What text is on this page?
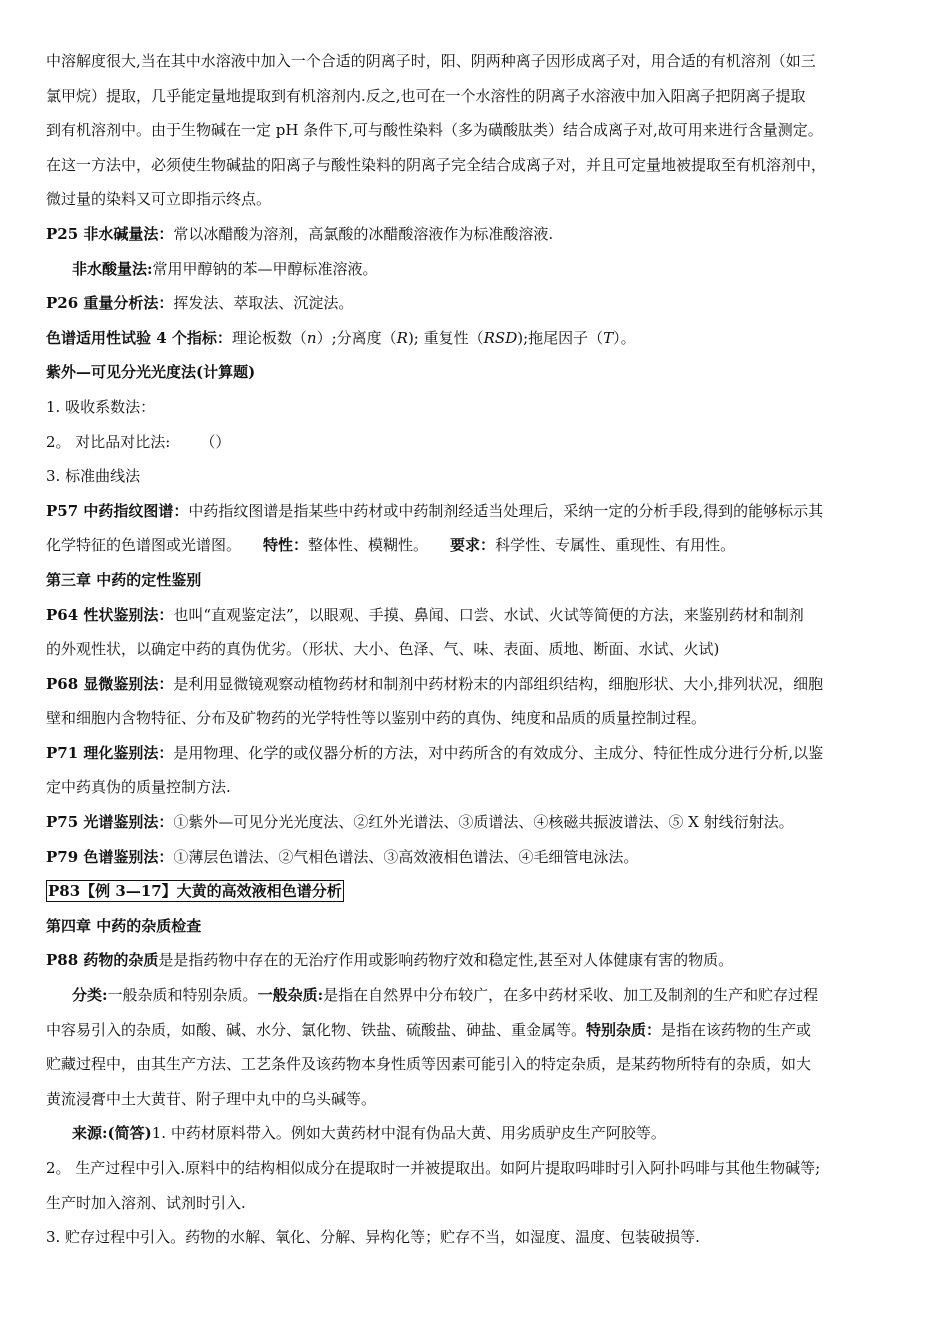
中溶解度很大,当在其中水溶液中加入一个合适的阴离子时，阳、阴两种离子因形成离子对，用合适的有机溶剂（如三

氯甲烷）提取，几乎能定量地提取到有机溶剂内.反之,也可在一个水溶性的阴离子水溶液中加入阳离子把阴离子提取

到有机溶剂中。由于生物碱在一定 pH 条件下,可与酸性染料（多为磺酸肽类）结合成离子对,故可用来进行含量测定。

在这一方法中，必须使生物碱盐的阳离子与酸性染料的阴离子完全结合成离子对，并且可定量地被提取至有机溶剂中，

微过量的染料又可立即指示终点。

P25 非水碱量法：常以冰醋酸为溶剂，高氯酸的冰醋酸溶液作为标准酸溶液.

非水酸量法:常用甲醇钠的苯—甲醇标准溶液。

P26 重量分析法：挥发法、萃取法、沉淀法。

色谱适用性试验 4 个指标：理论板数（n）;分离度（R); 重复性（RSD);拖尾因子（T）。

紫外—可见分光光度法(计算题)

1. 吸收系数法：

2。 对比品对比法: （）

3. 标准曲线法

P57 中药指纹图谱：中药指纹图谱是指某些中药材或中药制剂经适当处理后，采纳一定的分析手段,得到的能够标示其

化学特征的色谱图或光谱图。 特性：整体性、模糊性。 要求：科学性、专属性、重现性、有用性。

第三章 中药的定性鉴别

P64 性状鉴别法：也叫“直观鉴定法”，以眼观、手摸、鼻闻、口尝、水试、火试等简便的方法，来鉴别药材和制剂

的外观性状，以确定中药的真伪优劣。（形状、大小、色泽、气、味、表面、质地、断面、水试、火试)

P68 显微鉴别法：是利用显微镜观察动植物药材和制剂中药材粉末的内部组织结构，细胞形状、大小,排列状况，细胞

壁和细胞内含物特征、分布及矿物药的光学特性等以鉴别中药的真伪、纯度和品质的质量控制过程。

P71 理化鉴别法：是用物理、化学的或仪器分析的方法，对中药所含的有效成分、主成分、特征性成分进行分析,以鉴

定中药真伪的质量控制方法.

P75 光谱鉴别法：①紫外—可见分光光度法、②红外光谱法、③质谱法、④核磁共振波谱法、⑤ X 射线衍射法。

P79 色谱鉴别法：①薄层色谱法、②气相色谱法、③高效液相色谱法、④毛细管电泳法。

P83【例 3—17】大黄的高效液相色谱分析

第四章 中药的杂质检查

P88 药物的杂质是是指药物中存在的无治疗作用或影响药物疗效和稳定性,甚至对人体健康有害的物质。

分类:一般杂质和特别杂质。一般杂质:是指在自然界中分布较广，在多中药材采收、加工及制剂的生产和贮存过程

中容易引入的杂质，如酸、碱、水分、氯化物、铁盐、硫酸盐、砷盐、重金属等。特别杂质：是指在该药物的生产或

贮藏过程中，由其生产方法、工艺条件及该药物本身性质等因素可能引入的特定杂质，是某药物所特有的杂质，如大

黄流浸膏中土大黄苷、附子理中丸中的乌头碱等。

来源:(简答)1. 中药材原料带入。例如大黄药材中混有伪品大黄、用劣质驴皮生产阿胶等。

2。 生产过程中引入.原料中的结构相似成分在提取时一并被提取出。如阿片提取吗啡时引入阿扑吗啡与其他生物碱等;

生产时加入溶剂、试剂时引入.

3. 贮存过程中引入。药物的水解、氧化、分解、异构化等；贮存不当，如湿度、温度、包装破损等.
